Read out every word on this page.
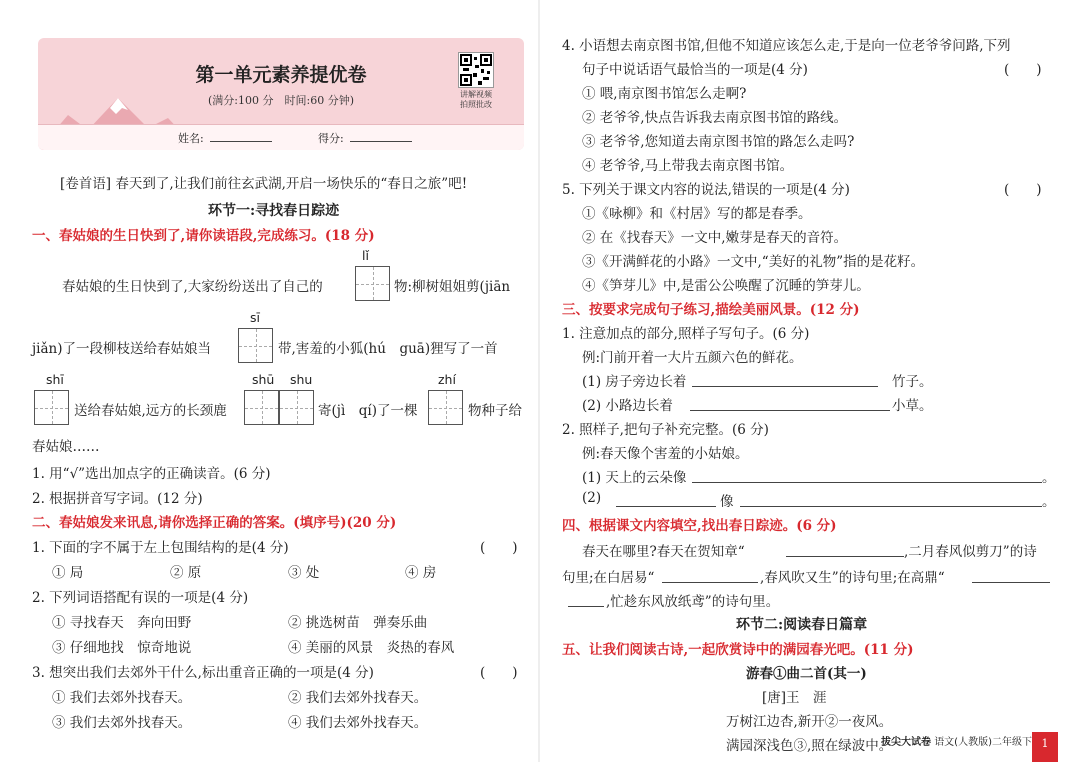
第一单元素养提优卷
(满分:100 分　时间:60 分钟)	讲解视频
拍照批改
姓名:	得分:
[卷首语] 春天到了,让我们前往玄武湖,开启一场快乐的“春日之旅”吧!
环节一:寻找春日踪迹
一、春姑娘的生日快到了,请你读语段,完成练习。(18 分)
lǐ
春姑娘的生日快到了,大家纷纷送出了自己的	物:柳树姐姐剪(jiān
sī
jiǎn)了一段柳枝送给春姑娘当	带,害羞的小狐(hú　guā)狸写了一首
shī	shū shu	zhí
送给春姑娘,远方的长颈鹿	寄(jì　qí)了一棵	物种子给
春姑娘……
1. 用“√”选出加点字的正确读音。(6 分)
2. 根据拼音写字词。(12 分)
二、春姑娘发来讯息,请你选择正确的答案。(填序号)(20 分)
1. 下面的字不属于左上包围结构的是(4 分)	(　　)
① 局	② 原	③ 处	④ 房
2. 下列词语搭配有误的一项是(4 分)
① 寻找春天　奔向田野	② 挑选树苗　弹奏乐曲
③ 仔细地找　惊奇地说	④ 美丽的风景　炎热的春风
3. 想突出我们去郊外干什么,标出重音正确的一项是(4 分)	(　　)
① 我们去郊外找春天。	② 我们去郊外找春天。
③ 我们去郊外找春天。	④ 我们去郊外找春天。
4. 小语想去南京图书馆,但他不知道应该怎么走,于是向一位老爷爷问路,下列
句子中说话语气最恰当的一项是(4 分)	(　　)
① 喂,南京图书馆怎么走啊?
② 老爷爷,快点告诉我去南京图书馆的路线。
③ 老爷爷,您知道去南京图书馆的路怎么走吗?
④ 老爷爷,马上带我去南京图书馆。
5. 下列关于课文内容的说法,错误的一项是(4 分)	(　　)
①《咏柳》和《村居》写的都是春季。
② 在《找春天》一文中,嫩芽是春天的音符。
③《开满鲜花的小路》一文中,“美好的礼物”指的是花籽。
④《笋芽儿》中,是雷公公唤醒了沉睡的笋芽儿。
三、按要求完成句子练习,描绘美丽风景。(12 分)
1. 注意加点的部分,照样子写句子。(6 分)
例:门前开着一大片五颜六色的鲜花。
(1) 房子旁边长着	竹子。
(2) 小路边长着	小草。
2. 照样子,把句子补充完整。(6 分)
例:春天像个害羞的小姑娘。
(1) 天上的云朵像	。
(2)	像	。
四、根据课文内容填空,找出春日踪迹。(6 分)
春天在哪里?春天在贺知章“	,二月春风似剪刀”的诗
句里;在白居易“	,春风吹又生”的诗句里;在高鼎“
,忙趁东风放纸鸢”的诗句里。
环节二:阅读春日篇章
五、让我们阅读古诗,一起欣赏诗中的满园春光吧。(11 分)
游春①曲二首(其一)
[唐]王　涯
万树江边杏,新开②一夜风。
满园深浅色③,照在绿波中。
拔尖大试卷 语文(人教版)二年级下 1
